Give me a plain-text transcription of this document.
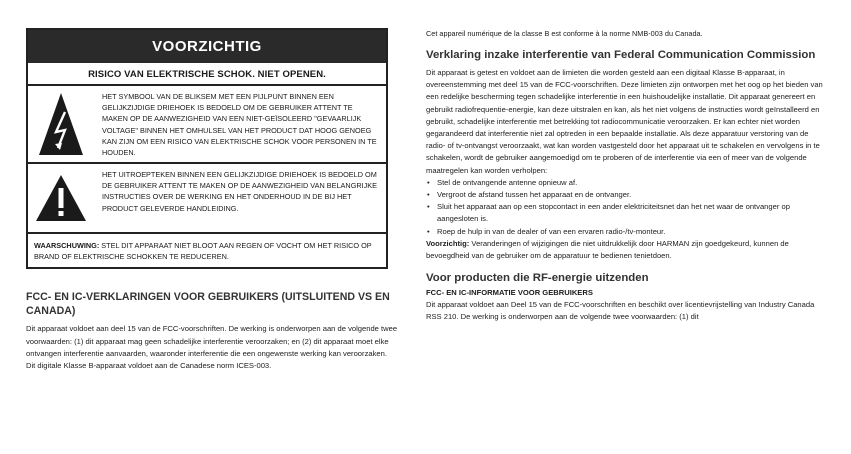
VOORZICHTIG
RISICO VAN ELEKTRISCHE SCHOK. NIET OPENEN.
HET SYMBOOL VAN DE BLIKSEM MET EEN PIJLPUNT BINNEN EEN GELIJKZIJDIGE DRIEHOEK IS BEDOELD OM DE GEBRUIKER ATTENT TE MAKEN OP DE AANWEZIGHEID VAN EEN NIET-GEÏSOLEERD "GEVAARLIJK VOLTAGE" BINNEN HET OMHULSEL VAN HET PRODUCT DAT HOOG GENOEG KAN ZIJN OM EEN RISICO VAN ELEKTRISCHE SCHOK VOOR PERSONEN IN TE HOUDEN.
HET UITROEPTEKEN BINNEN EEN GELIJKZIJDIGE DRIEHOEK IS BEDOELD OM DE GEBRUIKER ATTENT TE MAKEN OP DE AANWEZIGHEID VAN BELANGRIJKE INSTRUCTIES OVER DE WERKING EN HET ONDERHOUD IN DE BIJ HET PRODUCT GELEVERDE HANDLEIDING.
WAARSCHUWING: STEL DIT APPARAAT NIET BLOOT AAN REGEN OF VOCHT OM HET RISICO OP BRAND OF ELEKTRISCHE SCHOKKEN TE REDUCEREN.
FCC- EN IC-VERKLARINGEN VOOR GEBRUIKERS (UITSLUITEND VS EN CANADA)

Dit apparaat voldoet aan deel 15 van de FCC-voorschriften. De werking is onderworpen aan de volgende twee voorwaarden: (1) dit apparaat mag geen schadelijke interferentie veroorzaken; en (2) dit apparaat moet elke ontvangen interferentie aanvaarden, waaronder interferentie die een ongewenste werking kan veroorzaken.

Dit digitale Klasse B-apparaat voldoet aan de Canadese norm ICES-003.

Cet appareil numérique de la classe B est conforme à la norme NMB-003 du Canada.

Verklaring inzake interferentie van Federal Communication Commission

Dit apparaat is getest en voldoet aan de limieten die worden gesteld aan een digitaal Klasse B-apparaat, in overeenstemming met deel 15 van de FCC-voorschriften. Deze limieten zijn ontworpen met het oog op het bieden van een redelijke bescherming tegen schadelijke interferentie in een huishoudelijke installatie. Dit apparaat genereert en gebruikt radiofrequentie-energie, kan deze uitstralen en kan, als het niet volgens de instructies wordt geïnstalleerd en gebruikt, schadelijke interferentie met betrekking tot radiocommunicatie veroorzaken. Er kan echter niet worden gegarandeerd dat interferentie niet zal optreden in een bepaalde installatie. Als deze apparatuur verstoring van de radio- of tv-ontvangst veroorzaakt, wat kan worden vastgesteld door het apparaat uit te schakelen en vervolgens in te schakelen, wordt de gebruiker aangemoedigd om te proberen of de interferentie via een of meer van de volgende maatregelen kan worden verholpen:

• Stel de ontvangende antenne opnieuw af.
• Vergroot de afstand tussen het apparaat en de ontvanger.
• Sluit het apparaat aan op een stopcontact in een ander elektriciteitsnet dan het net waar de ontvanger op aangesloten is.
• Roep de hulp in van de dealer of van een ervaren radio-/tv-monteur.

Voorzichtig: Veranderingen of wijzigingen die niet uitdrukkelijk door HARMAN zijn goedgekeurd, kunnen de bevoegdheid van de gebruiker om de apparatuur te bedienen tenietdoen.

Voor producten die RF-energie uitzenden
FCC- EN IC-INFORMATIE VOOR GEBRUIKERS

Dit apparaat voldoet aan Deel 15 van de FCC-voorschriften en beschikt over licentievrijstelling van Industry Canada RSS 210. De werking is onderworpen aan de volgende twee voorwaarden: (1) dit
